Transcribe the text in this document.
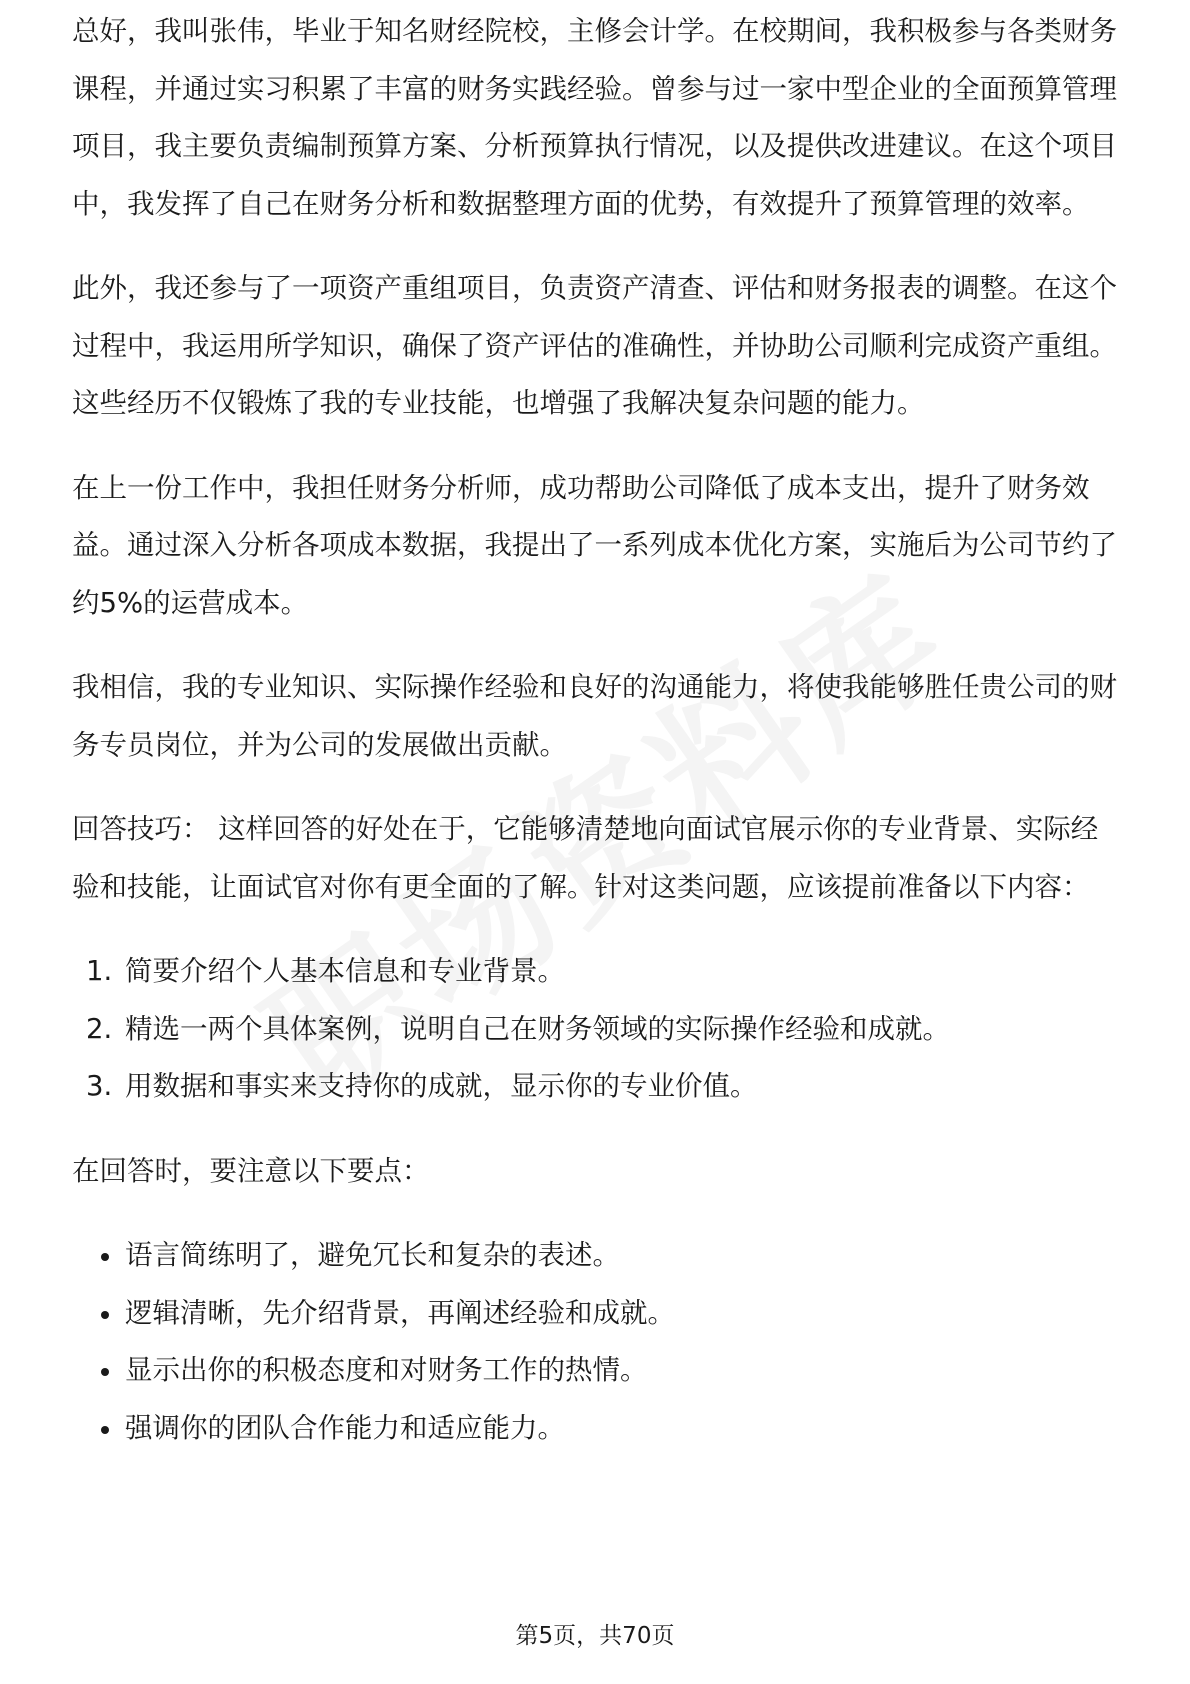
总好，我叫张伟，毕业于知名财经院校，主修会计学。在校期间，我积极参与各类财务课程，并通过实习积累了丰富的财务实践经验。曾参与过一家中型企业的全面预算管理项目，我主要负责编制预算方案、分析预算执行情况，以及提供改进建议。在这个项目中，我发挥了自己在财务分析和数据整理方面的优势，有效提升了预算管理的效率。

此外，我还参与了一项资产重组项目，负责资产清查、评估和财务报表的调整。在这个过程中，我运用所学知识，确保了资产评估的准确性，并协助公司顺利完成资产重组。这些经历不仅锻炼了我的专业技能，也增强了我解决复杂问题的能力。

在上一份工作中，我担任财务分析师，成功帮助公司降低了成本支出，提升了财务效益。通过深入分析各项成本数据，我提出了一系列成本优化方案，实施后为公司节约了约5%的运营成本。

我相信，我的专业知识、实际操作经验和良好的沟通能力，将使我能够胜任贵公司的财务专员岗位，并为公司的发展做出贡献。

回答技巧： 这样回答的好处在于，它能够清楚地向面试官展示你的专业背景、实际经验和技能，让面试官对你有更全面的了解。针对这类问题，应该提前准备以下内容：

1. 简要介绍个人基本信息和专业背景。
2. 精选一两个具体案例，说明自己在财务领域的实际操作经验和成就。
3. 用数据和事实来支持你的成就，显示你的专业价值。

在回答时，要注意以下要点：

语言简练明了，避免冗长和复杂的表述。
逻辑清晰，先介绍背景，再阐述经验和成就。
显示出你的积极态度和对财务工作的热情。
强调你的团队合作能力和适应能力。
第5页，共70页
